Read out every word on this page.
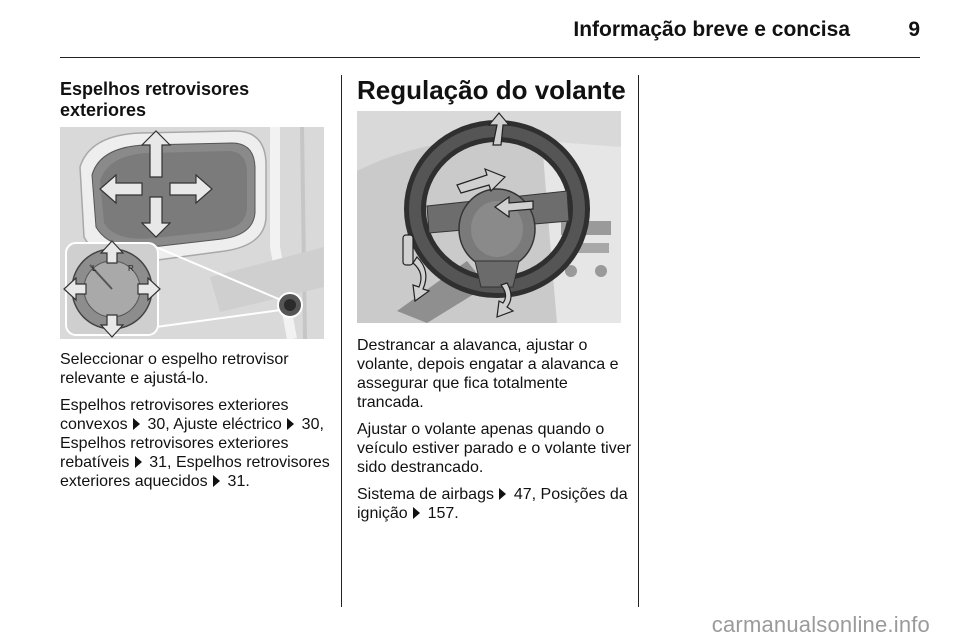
Informação breve e concisa	9
Espelhos retrovisores exteriores
L	R

Seleccionar o espelho retrovisor relevante e ajustá-lo.

Espelhos retrovisores exteriores convexos  30, Ajuste eléctrico  30, Espelhos retrovisores exteriores rebatíveis  31, Espelhos retrovisores exteriores aquecidos  31.

Regulação do volante

Destrancar a alavanca, ajustar o volante, depois engatar a alavanca e assegurar que fica totalmente trancada.

Ajustar o volante apenas quando o veículo estiver parado e o volante tiver sido destrancado.

Sistema de airbags  47, Posições da ignição  157.

carmanualsonline.info
